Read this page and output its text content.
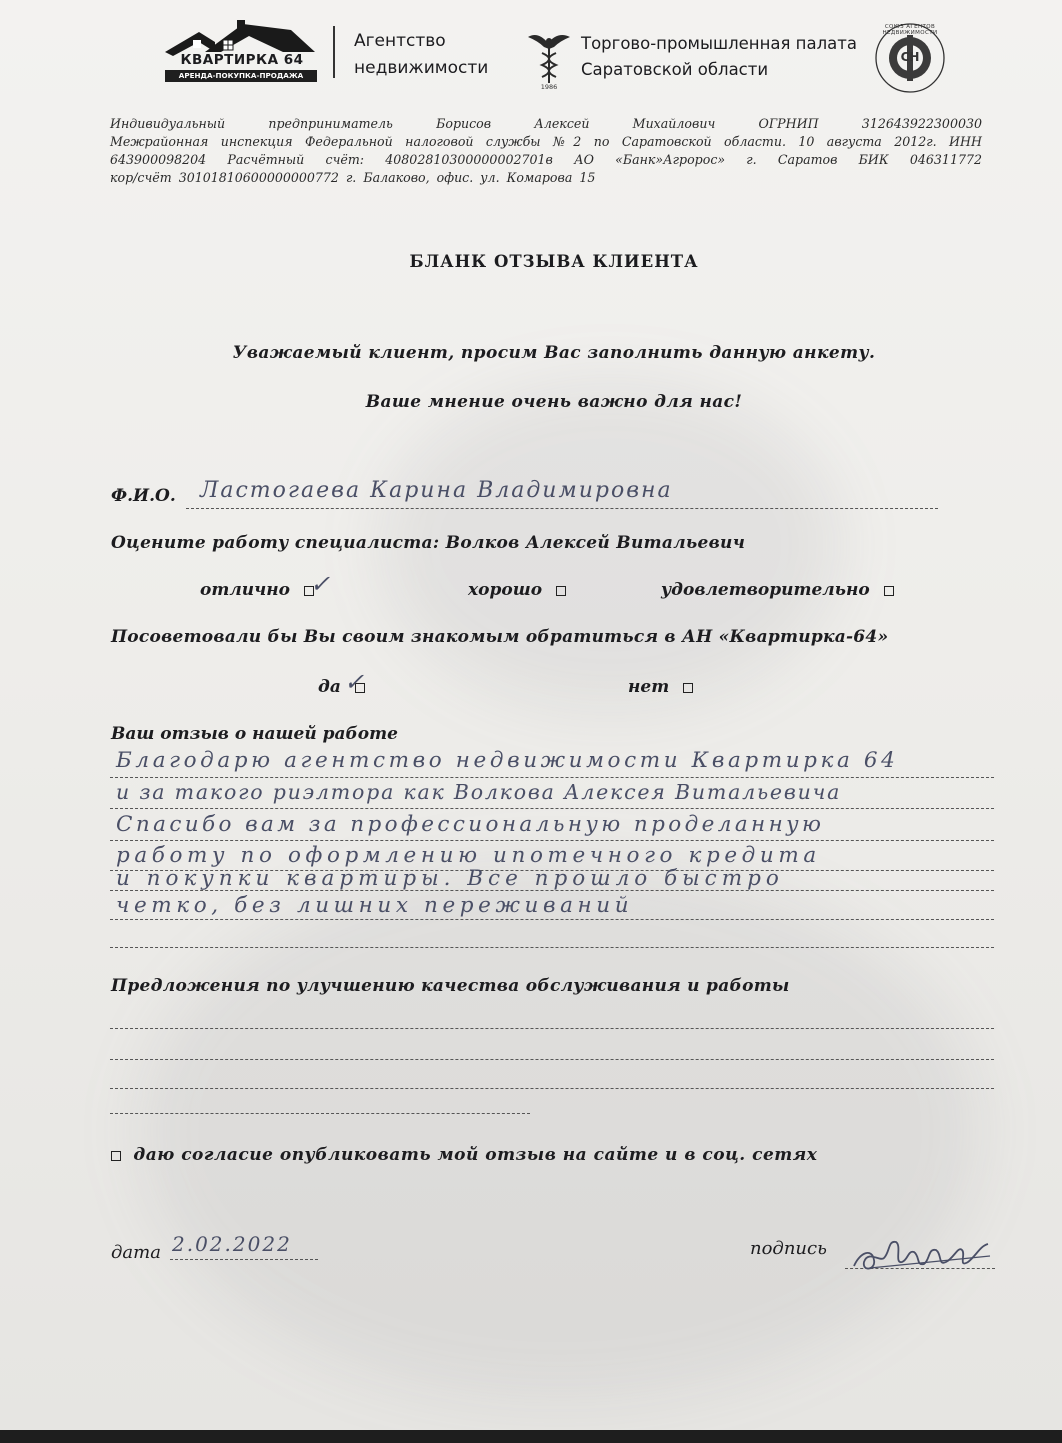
КВАРТИРКА 64
АРЕНДА-ПОКУПКА-ПРОДАЖА
Агентство
недвижимости
1986
Торгово-промышленная палата
Саратовской области
СОЮЗ АГЕНТОВ НЕДВИЖИМОСТИ
СН
Индивидуальный предприниматель Борисов Алексей Михайлович ОГРНИП 312643922300030
Межрайонная инспекция Федеральной налоговой службы №2 по Саратовской области. 10 августа 2012г. ИНН
643900098204 Расчётный счёт: 40802810300000002701в АО «Банк»Агророс» г. Саратов БИК 046311772
кор/счёт 30101810600000000772 г. Балаково, офис. ул. Комарова 15
БЛАНК ОТЗЫВА КЛИЕНТА
Уважаемый клиент, просим Вас заполнить данную анкету.
Ваше мнение очень важно для нас!
Ф.И.О. Ластогаева Карина Владимировна
Оцените работу специалиста: Волков Алексей Витальевич
отлично ✓	хорошо	удовлетворительно
Посоветовали бы Вы своим знакомым обратиться в АН «Квартирка-64»
да ✓	нет
Ваш отзыв о нашей работе
Благодарю агентство недвижимости Квартирка 64
и за такого риэлтора как Волкова Алексея Витальевича
Спасибо вам за профессиональную проделанную
работу по оформлению ипотечного кредита
и покупки квартиры. Все прошло быстро
четко, без лишних переживаний
Предложения по улучшению качества обслуживания и работы
даю согласие опубликовать мой отзыв на сайте и в соц. сетях
дата 2.02.2022	подпись
